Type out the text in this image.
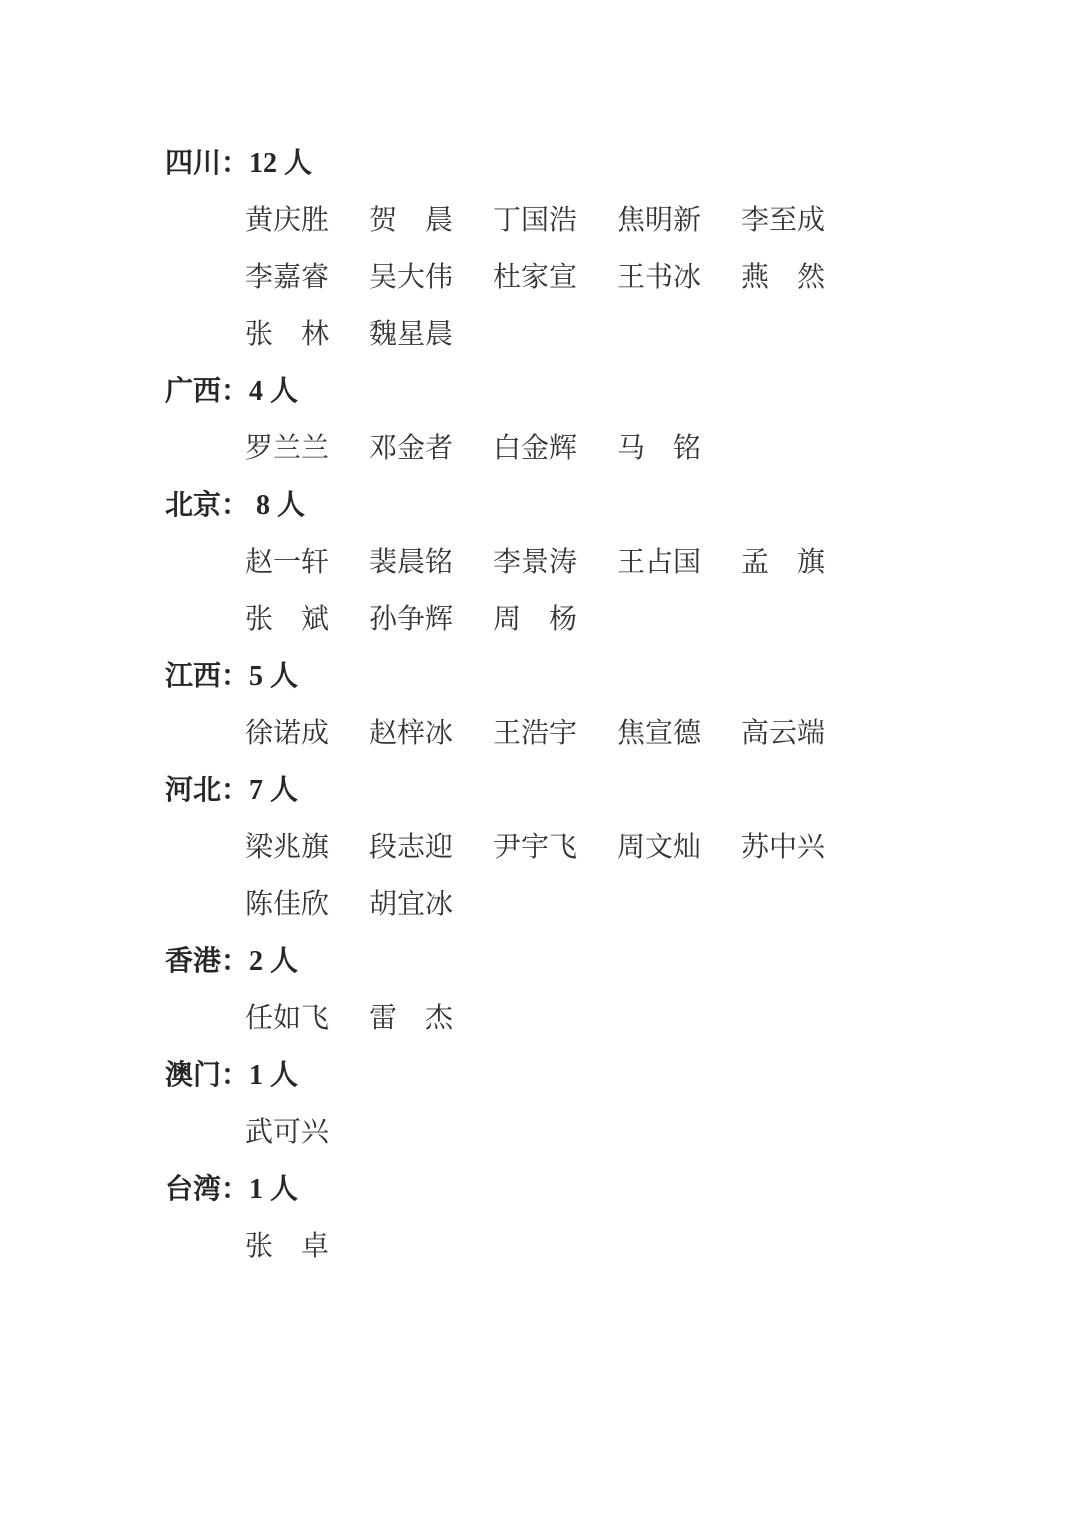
四川：12 人
黄庆胜	贺　晨	丁国浩	焦明新	李至成
李嘉睿	吴大伟	杜家宣	王书冰	燕　然
张　林	魏星晨
广西：4 人
罗兰兰	邓金者	白金辉	马　铭
北京： 8 人
赵一轩	裴晨铭	李景涛	王占国	孟　旗
张　斌	孙争辉	周　杨
江西：5 人
徐诺成	赵梓冰	王浩宇	焦宣德	高云端
河北：7 人
梁兆旗	段志迎	尹宇飞	周文灿	苏中兴
陈佳欣	胡宜冰
香港：2 人
任如飞	雷　杰
澳门：1 人
武可兴
台湾：1 人
张　卓
